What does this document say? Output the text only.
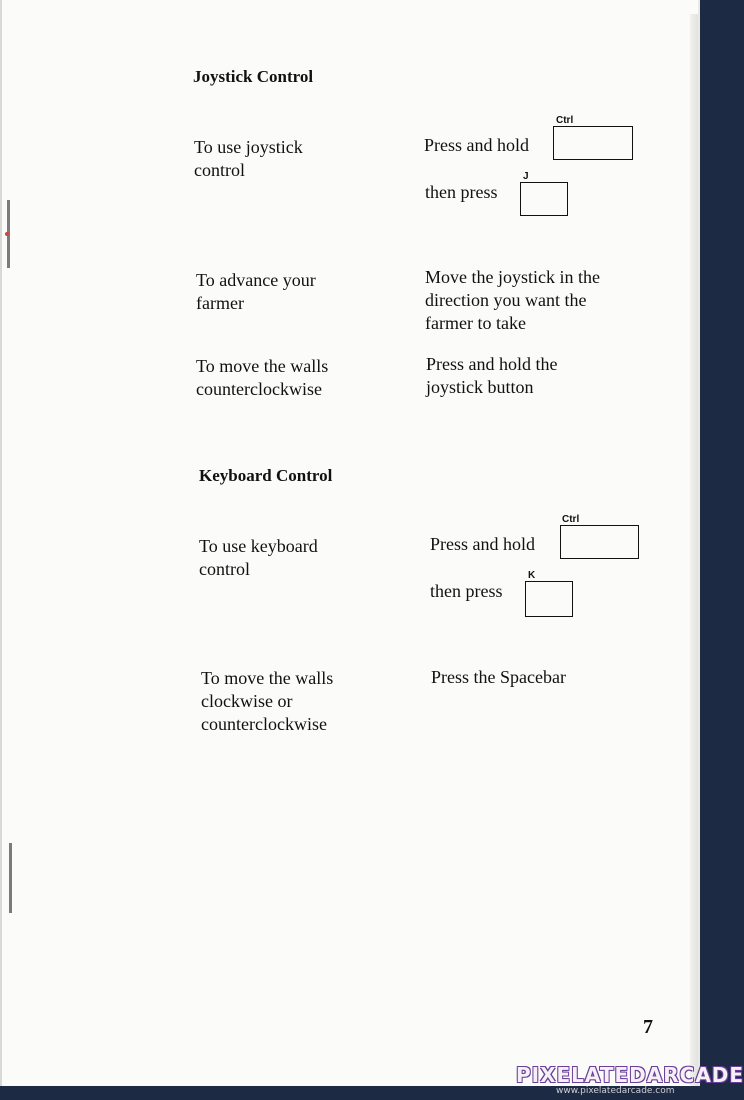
Joystick Control

To use joystick
control

Press and hold
Ctrl
then press
J

To advance your
farmer

Move the joystick in the
direction you want the
farmer to take

To move the walls
counterclockwise

Press and hold the
joystick button

Keyboard Control

To use keyboard
control

Press and hold
Ctrl
then press
K

To move the walls
clockwise or
counterclockwise

Press the Spacebar
7
PIXELATEDARCADE
www.pixelatedarcade.com
